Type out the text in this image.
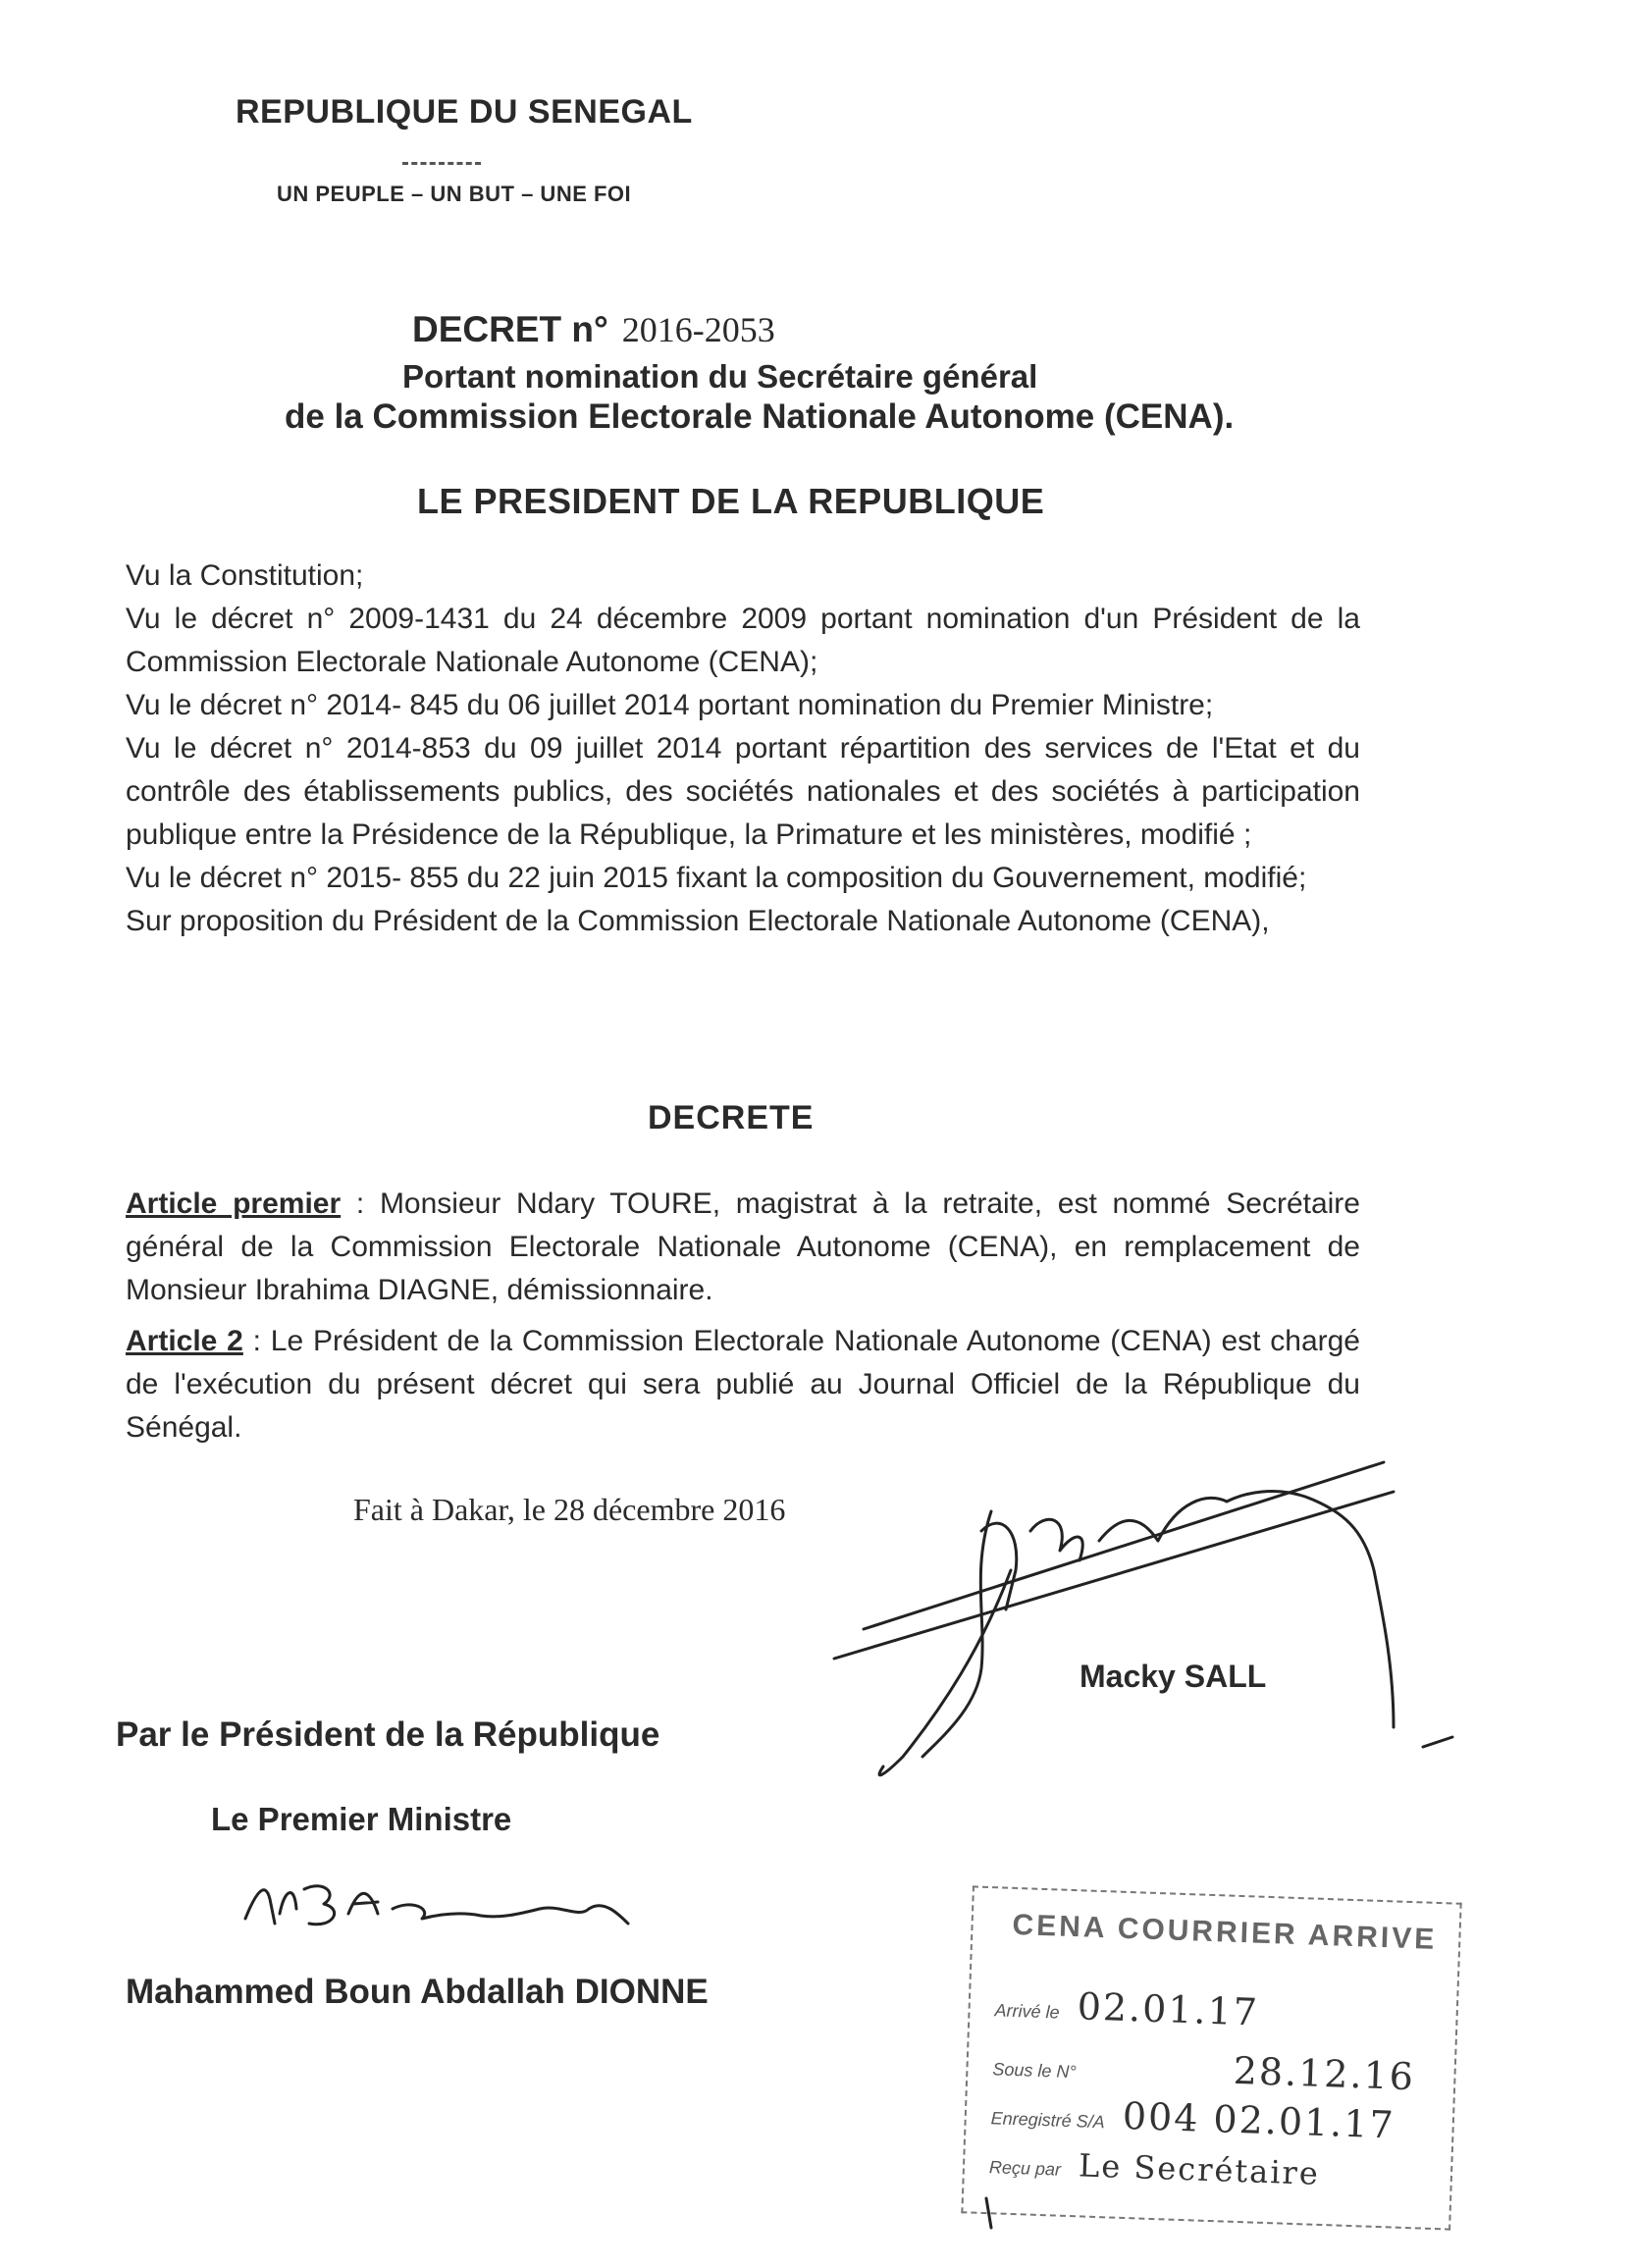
REPUBLIQUE DU SENEGAL
UN PEUPLE – UN BUT – UNE FOI
DECRET n° 2016-2053
Portant nomination du Secrétaire général
de la Commission Electorale Nationale Autonome (CENA).
LE PRESIDENT DE LA REPUBLIQUE

Vu la Constitution;

Vu le décret n° 2009-1431 du 24 décembre 2009 portant nomination d'un Président de la Commission Electorale Nationale Autonome (CENA);

Vu le décret n° 2014- 845 du 06 juillet 2014 portant nomination du Premier Ministre;

Vu le décret n° 2014-853 du 09 juillet 2014 portant répartition des services de l'Etat et du contrôle des établissements publics, des sociétés nationales et des sociétés à participation publique entre la Présidence de la République, la Primature et les ministères, modifié ;

Vu le décret n° 2015- 855 du 22 juin 2015 fixant la composition du Gouvernement, modifié;

Sur proposition du Président de la Commission Electorale Nationale Autonome (CENA),

DECRETE

Article premier : Monsieur Ndary TOURE, magistrat à la retraite, est nommé Secrétaire général de la Commission Electorale Nationale Autonome (CENA), en remplacement de Monsieur Ibrahima DIAGNE, démissionnaire.

Article 2 : Le Président de la Commission Electorale Nationale Autonome (CENA) est chargé de l'exécution du présent décret qui sera publié au Journal Officiel de la République du Sénégal.

Fait à Dakar, le 28 décembre 2016
Macky SALL
Par le Président de la République
Le Premier Ministre
Mahammed Boun Abdallah DIONNE
CENA COURRIER ARRIVE
Arrivé le 02.01.17
Sous le N°	28.12.16
Enregistré S/A 004 02.01.17
Reçu par Le Secrétaire
